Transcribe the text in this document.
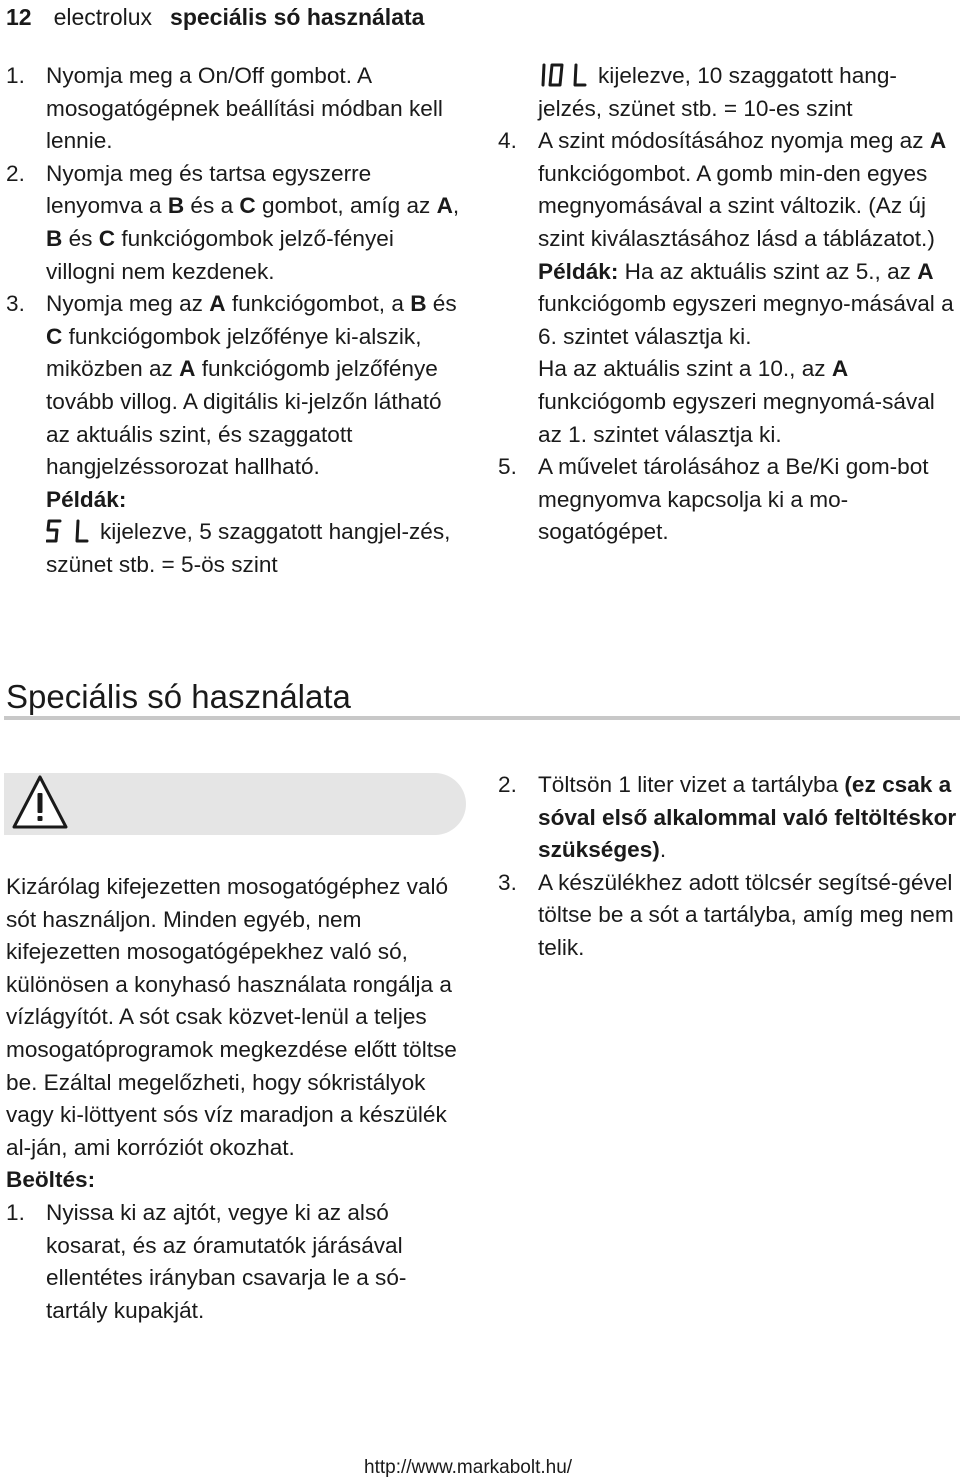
12 electrolux speciális só használata
1. Nyomja meg a On/Off gombot. A mosogatógépnek beállítási módban kell lennie.
2. Nyomja meg és tartsa egyszerre lenyomva a B és a C gombot, amíg az A, B és C funkciógombok jelző-fényei villogni nem kezdenek.
3. Nyomja meg az A funkciógombot, a B és C funkciógombok jelzőfénye ki-alszik, miközben az A funkciógomb jelzőfénye tovább villog. A digitális ki-jelzőn látható az aktuális szint, és szaggatott hangjelzéssorozat hallható.
Példák:
kijelezve, 5 szaggatott hangjel-zés, szünet stb. = 5-ös szint
kijelezve, 10 szaggatott hang-jelzés, szünet stb. = 10-es szint
4. A szint módosításához nyomja meg az A funkciógombot. A gomb min-den egyes megnyomásával a szint változik. (Az új szint kiválasztásához lásd a táblázatot.)
Példák: Ha az aktuális szint az 5., az A funkciógomb egyszeri megnyo-másával a 6. szintet választja ki.
Ha az aktuális szint a 10., az A funkciógomb egyszeri megnyomá-sával az 1. szintet választja ki.
5. A művelet tárolásához a Be/Ki gom-bot megnyomva kapcsolja ki a mo-sogatógépet.
Speciális só használata
Kizárólag kifejezetten mosogatógéphez való sót használjon. Minden egyéb, nem kifejezetten mosogatógépekhez való só, különösen a konyhasó használata rongálja a vízlágyítót. A sót csak közvet-lenül a teljes mosogatóprogramok megkezdése előtt töltse be. Ezáltal megelőzheti, hogy sókristályok vagy ki-löttyent sós víz maradjon a készülék al-ján, ami korróziót okozhat.
Beöltés:
1. Nyissa ki az ajtót, vegye ki az alsó kosarat, és az óramutatók járásával ellentétes irányban csavarja le a só-tartály kupakját.
2. Töltsön 1 liter vizet a tartályba (ez csak a sóval első alkalommal való feltöltéskor szükséges).
3. A készülékhez adott tölcsér segítsé-gével töltse be a sót a tartályba, amíg meg nem telik.
http://www.markabolt.hu/
